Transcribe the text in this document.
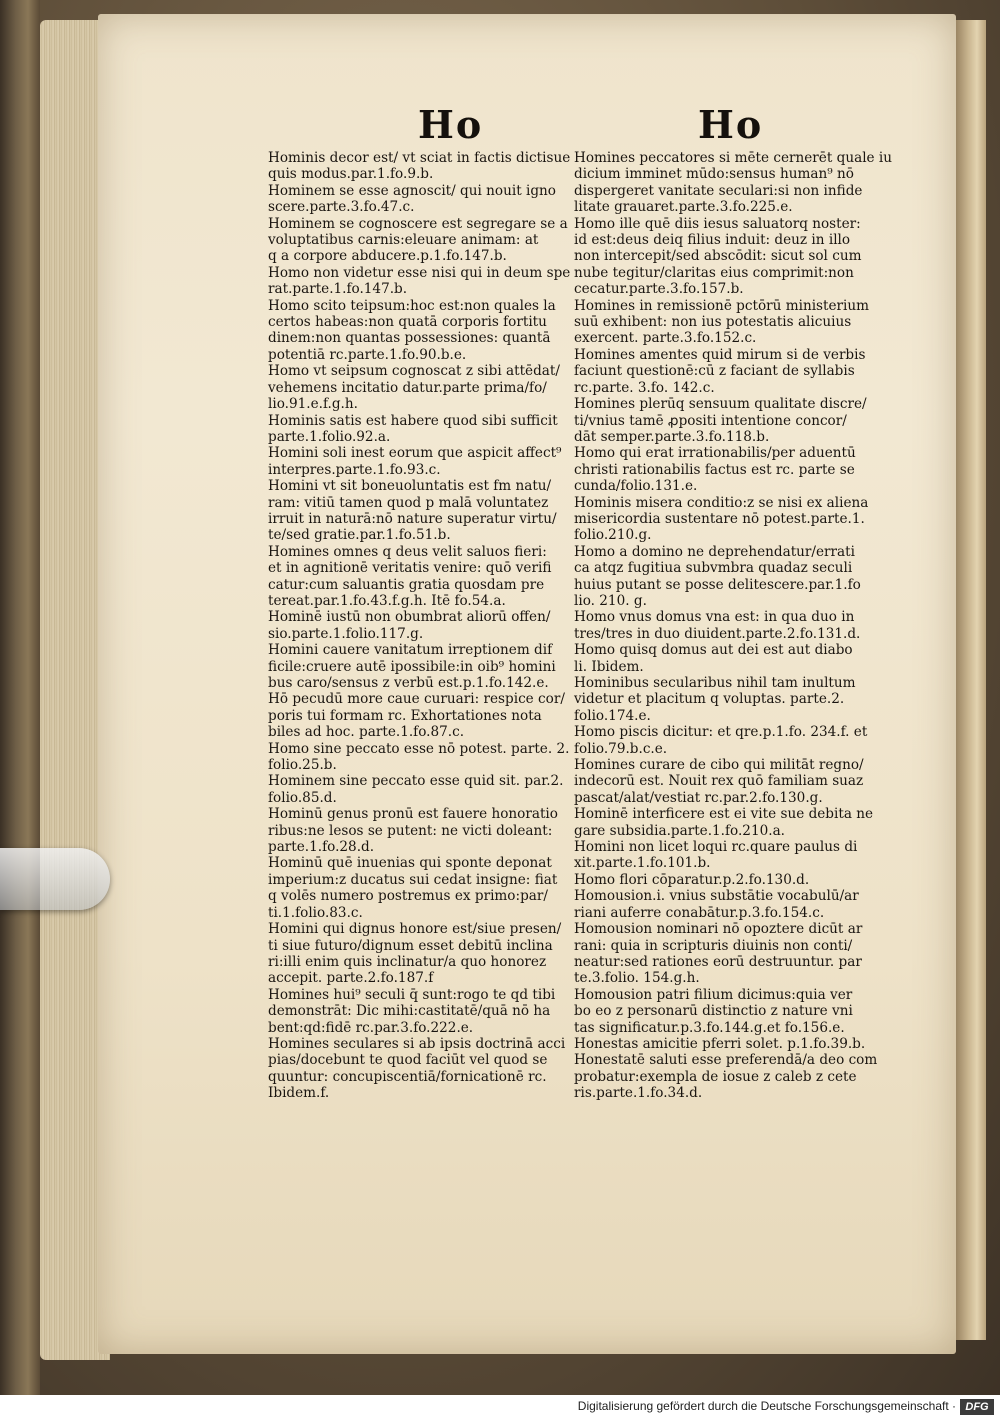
Ho	Ho
Hominis decor est/ vt sciat in factis dictisue
quis modus.par.1.fo.9.b.
Hominem se esse agnoscit/ qui nouit igno
scere.parte.3.fo.47.c.
Hominem se cognoscere est segregare se a
voluptatibus carnis:eleuare animam: at
q a corpore abducere.p.1.fo.147.b.
Homo non videtur esse nisi qui in deum spe
rat.parte.1.fo.147.b.
Homo scito teipsum:hoc est:non quales la
certos habeas:non quatā corporis fortitu
dinem:non quantas possessiones: quantā
potentiā rc.parte.1.fo.90.b.e.
Homo vt seipsum cognoscat z sibi attēdat/
vehemens incitatio datur.parte prima/fo/
lio.91.e.f.g.h.
Hominis satis est habere quod sibi sufficit
parte.1.folio.92.a.
Homini soli inest eorum que aspicit affect⁹
interpres.parte.1.fo.93.c.
Homini vt sit boneuoluntatis est fm natu/
ram: vitiū tamen quod p malā voluntatez
irruit in naturā:nō nature superatur virtu/
te/sed gratie.par.1.fo.51.b.
Homines omnes q deus velit saluos fieri:
et in agnitionē veritatis venire: quō verifi
catur:cum saluantis gratia quosdam pre
tereat.par.1.fo.43.f.g.h. Itē fo.54.a.
Hominē iustū non obumbrat aliorū offen/
sio.parte.1.folio.117.g.
Homini cauere vanitatum irreptionem dif
ficile:cruere autē ipossibile:in oib⁹ homini
bus caro/sensus z verbū est.p.1.fo.142.e.
Hō pecudū more caue curuari: respice cor/
poris tui formam rc. Exhortationes nota
biles ad hoc. parte.1.fo.87.c.
Homo sine peccato esse nō potest. parte. 2.
folio.25.b.
Hominem sine peccato esse quid sit. par.2.
folio.85.d.
Hominū genus pronū est fauere honoratio
ribus:ne lesos se putent: ne victi doleant:
parte.1.fo.28.d.
Hominū quē inuenias qui sponte deponat
imperium:z ducatus sui cedat insigne: fiat
q volēs numero postremus ex primo:par/
ti.1.folio.83.c.
Homini qui dignus honore est/siue presen/
ti siue futuro/dignum esset debitū inclina
ri:illi enim quis inclinatur/a quo honorez
accepit. parte.2.fo.187.f
Homines hui⁹ seculi q̄ sunt:rogo te qd tibi
demonstrāt: Dic mihi:castitatē/quā nō ha
bent:qd:fidē rc.par.3.fo.222.e.
Homines seculares si ab ipsis doctrinā acci
pias/docebunt te quod faciūt vel quod se
quuntur: concupiscentiā/fornicationē rc.
Ibidem.f.
Homines peccatores si mēte cernerēt quale iu
dicium imminet mūdo:sensus human⁹ nō
dispergeret vanitate seculari:si non infide
litate grauaret.parte.3.fo.225.e.
Homo ille quē diis iesus saluatorq noster:
id est:deus deiq filius induit: deuz in illo
non intercepit/sed abscōdit: sicut sol cum
nube tegitur/claritas eius comprimit:non
cecatur.parte.3.fo.157.b.
Homines in remissionē pctōrū ministerium
suū exhibent: non ius potestatis alicuius
exercent. parte.3.fo.152.c.
Homines amentes quid mirum si de verbis
faciunt questionē:cū z faciant de syllabis
rc.parte. 3.fo. 142.c.
Homines plerūq sensuum qualitate discre/
ti/vnius tamē ꝓpositi intentione concor/
dāt semper.parte.3.fo.118.b.
Homo qui erat irrationabilis/per aduentū
christi rationabilis factus est rc. parte se
cunda/folio.131.e.
Hominis misera conditio:z se nisi ex aliena
misericordia sustentare nō potest.parte.1.
folio.210.g.
Homo a domino ne deprehendatur/errati
ca atqz fugitiua subvmbra quadaz seculi
huius putant se posse delitescere.par.1.fo
lio. 210. g.
Homo vnus domus vna est: in qua duo in
tres/tres in duo diuident.parte.2.fo.131.d.
Homo quisq domus aut dei est aut diabo
li. Ibidem.
Hominibus secularibus nihil tam inultum
videtur et placitum q voluptas. parte.2.
folio.174.e.
Homo piscis dicitur: et qre.p.1.fo. 234.f. et
folio.79.b.c.e.
Homines curare de cibo qui militāt regno/
indecorū est. Nouit rex quō familiam suaz
pascat/alat/vestiat rc.par.2.fo.130.g.
Hominē interficere est ei vite sue debita ne
gare subsidia.parte.1.fo.210.a.
Homini non licet loqui rc.quare paulus di
xit.parte.1.fo.101.b.
Homo flori cōparatur.p.2.fo.130.d.
Homousion.i. vnius substātie vocabulū/ar
riani auferre conabātur.p.3.fo.154.c.
Homousion nominari nō opoztere dicūt ar
rani: quia in scripturis diuinis non conti/
neatur:sed rationes eorū destruuntur. par
te.3.folio. 154.g.h.
Homousion patri filium dicimus:quia ver
bo eo z personarū distinctio z nature vni
tas significatur.p.3.fo.144.g.et fo.156.e.
Honestas amicitie pferri solet. p.1.fo.39.b.
Honestatē saluti esse preferendā/a deo com
probatur:exempla de iosue z caleb z cete
ris.parte.1.fo.34.d.
Digitalisierung gefördert durch die Deutsche Forschungsgemeinschaft · DFG
